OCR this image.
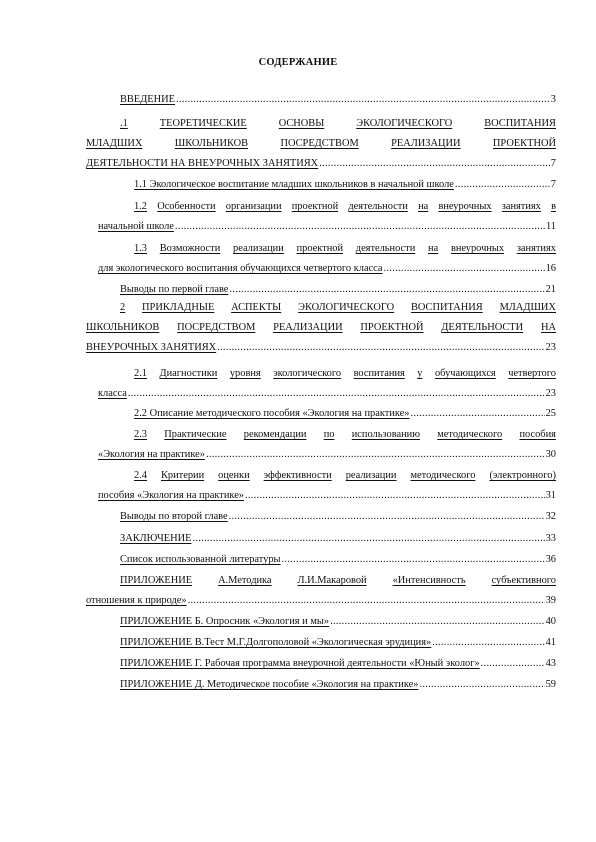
СОДЕРЖАНИЕ
ВВЕДЕНИЕ .....	3
.1	ТЕОРЕТИЧЕСКИЕ	ОСНОВЫ	ЭКОЛОГИЧЕСКОГО	ВОСПИТАНИЯ
МЛАДШИХ	ШКОЛЬНИКОВ	ПОСРЕДСТВОМ	РЕАЛИЗАЦИИ	ПРОЕКТНОЙ
ДЕЯТЕЛЬНОСТИ НА ВНЕУРОЧНЫХ ЗАНЯТИЯХ .....	7
1.1 Экологическое воспитание младших школьников в начальной школе .....	7
1.2 Особенности организации проектной деятельности на внеурочных занятиях в
начальной школе .....	11
1.3 Возможности реализации проектной деятельности на внеурочных занятиях
для экологического воспитания обучающихся четвертого класса .....	16
Выводы по первой главе .....	21
2 ПРИКЛАДНЫЕ АСПЕКТЫ ЭКОЛОГИЧЕСКОГО ВОСПИТАНИЯ МЛАДШИХ
ШКОЛЬНИКОВ ПОСРЕДСТВОМ РЕАЛИЗАЦИИ ПРОЕКТНОЙ ДЕЯТЕЛЬНОСТИ НА
ВНЕУРОЧНЫХ ЗАНЯТИЯХ .....	23
2.1 Диагностики уровня экологического воспитания у обучающихся четвертого
класса .....	23
2.2 Описание методического пособия «Экология на практике» .....	25
2.3 Практические рекомендации по использованию методического пособия
«Экология на практике» .....	30
2.4 Критерии оценки эффективности реализации методического (электронного)
пособия «Экология на практике» .....	31
Выводы по второй главе .....	32
ЗАКЛЮЧЕНИЕ .....	33
Список использованной литературы .....	36
ПРИЛОЖЕНИЕ А.Методика Л.И.Макаровой «Интенсивность субъективного
отношения к природе» .....	39
ПРИЛОЖЕНИЕ Б. Опросник «Экология и мы» .....	40
ПРИЛОЖЕНИЕ В.Тест М.Г.Долгополовой «Экологическая эрудиция» .....	41
ПРИЛОЖЕНИЕ Г. Рабочая программа внеурочной деятельности «Юный эколог» .....	43
ПРИЛОЖЕНИЕ Д. Методическое пособие «Экология на практике» .....	59
